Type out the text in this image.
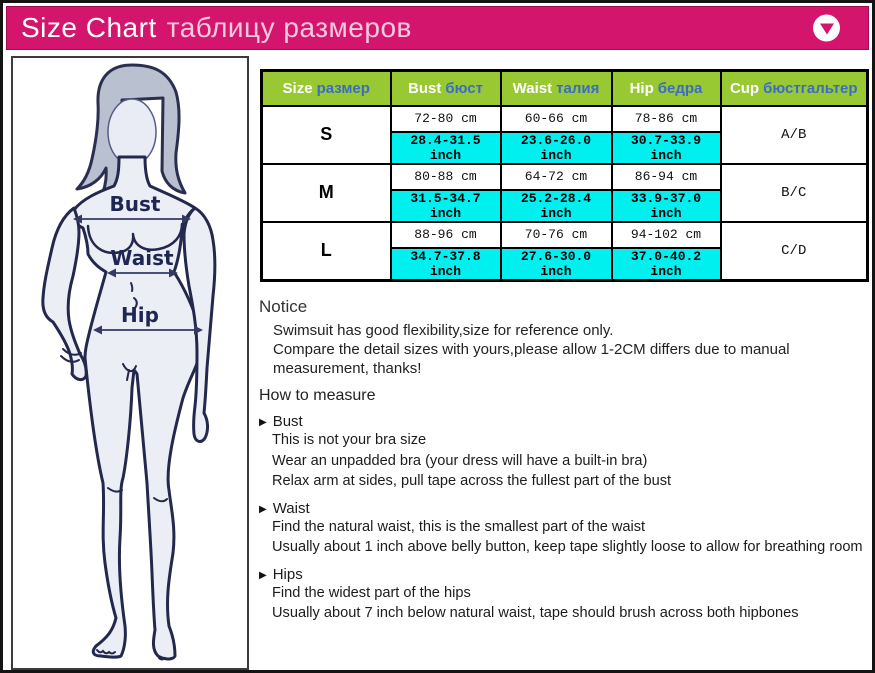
Size Chart таблицу размеров
Bust
Waist
Hip
Size размер	Bust бюст	Waist талия	Hip бедра	Cup бюстгальтер
S	72-80 cm	60-66 cm	78-86 cm	A/B
	28.4-31.5 inch	23.6-26.0 inch	30.7-33.9 inch	
M	80-88 cm	64-72 cm	86-94 cm	B/C
	31.5-34.7 inch	25.2-28.4 inch	33.9-37.0 inch	
L	88-96 cm	70-76 cm	94-102 cm	C/D
	34.7-37.8 inch	27.6-30.0 inch	37.0-40.2 inch	
Notice
Swimsuit has good flexibility,size for reference only.
Compare the detail sizes with yours,please allow 1-2CM differs due to manual measurement, thanks!
How to measure
▶ Bust
This is not your bra size
Wear an unpadded bra (your dress will have a built-in bra)
Relax arm at sides, pull tape across the fullest part of the bust
▶ Waist
Find the natural waist, this is the smallest part of the waist
Usually about 1 inch above belly button, keep tape slightly loose to allow for breathing room
▶ Hips
Find the widest part of the hips
Usually about 7 inch below natural waist, tape should brush across both hipbones
